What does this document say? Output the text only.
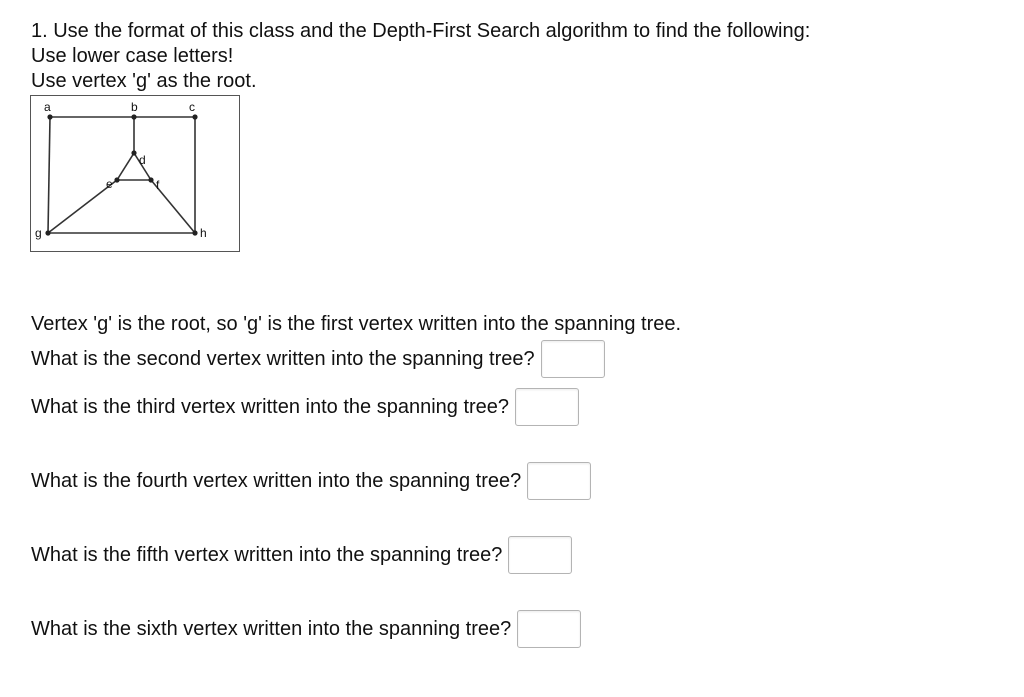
1. Use the format of this class and the Depth-First Search algorithm to find the following:
Use lower case letters!
Use vertex 'g' as the root.
a	b	c
d
e	f
g	h
Vertex 'g' is the root, so 'g' is the first vertex written into the spanning tree.
What is the second vertex written into the spanning tree?
What is the third vertex written into the spanning tree?
What is the fourth vertex written into the spanning tree?
What is the fifth vertex written into the spanning tree?
What is the sixth vertex written into the spanning tree?
